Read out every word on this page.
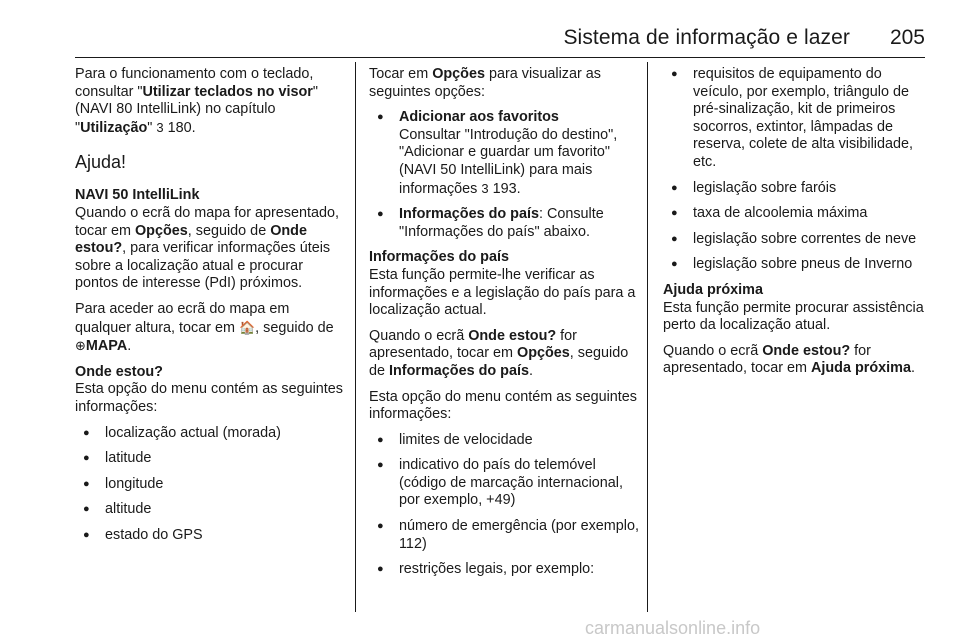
Sistema de informação e lazer 205

Para o funcionamento com o teclado, consultar "Utilizar teclados no visor" (NAVI 80 IntelliLink) no capítulo "Utilização" 3 180.

Ajuda!

NAVI 50 IntelliLink
Quando o ecrã do mapa for apresentado, tocar em Opções, seguido de Onde estou?, para verificar informações úteis sobre a localização atual e procurar pontos de interesse (PdI) próximos.

Para aceder ao ecrã do mapa em qualquer altura, tocar em 🏠, seguido de ⊕MAPA.

Onde estou?
Esta opção do menu contém as seguintes informações:

● localização actual (morada)
● latitude
● longitude
● altitude
● estado do GPS

Tocar em Opções para visualizar as seguintes opções:

● Adicionar aos favoritos
Consultar "Introdução do destino", "Adicionar e guardar um favorito" (NAVI 50 IntelliLink) para mais informações 3 193.
● Informações do país: Consulte "Informações do país" abaixo.

Informações do país
Esta função permite-lhe verificar as informações e a legislação do país para a localização actual.

Quando o ecrã Onde estou? for apresentado, tocar em Opções, seguido de Informações do país.

Esta opção do menu contém as seguintes informações:

● limites de velocidade
● indicativo do país do telemóvel (código de marcação internacional, por exemplo, +49)
● número de emergência (por exemplo, 112)
● restrições legais, por exemplo:
● requisitos de equipamento do veículo, por exemplo, triângulo de pré-sinalização, kit de primeiros socorros, extintor, lâmpadas de reserva, colete de alta visibilidade, etc.
● legislação sobre faróis
● taxa de alcoolemia máxima
● legislação sobre correntes de neve
● legislação sobre pneus de Inverno

Ajuda próxima
Esta função permite procurar assistência perto da localização atual.

Quando o ecrã Onde estou? for apresentado, tocar em Ajuda próxima.

carmanualsonline.info
